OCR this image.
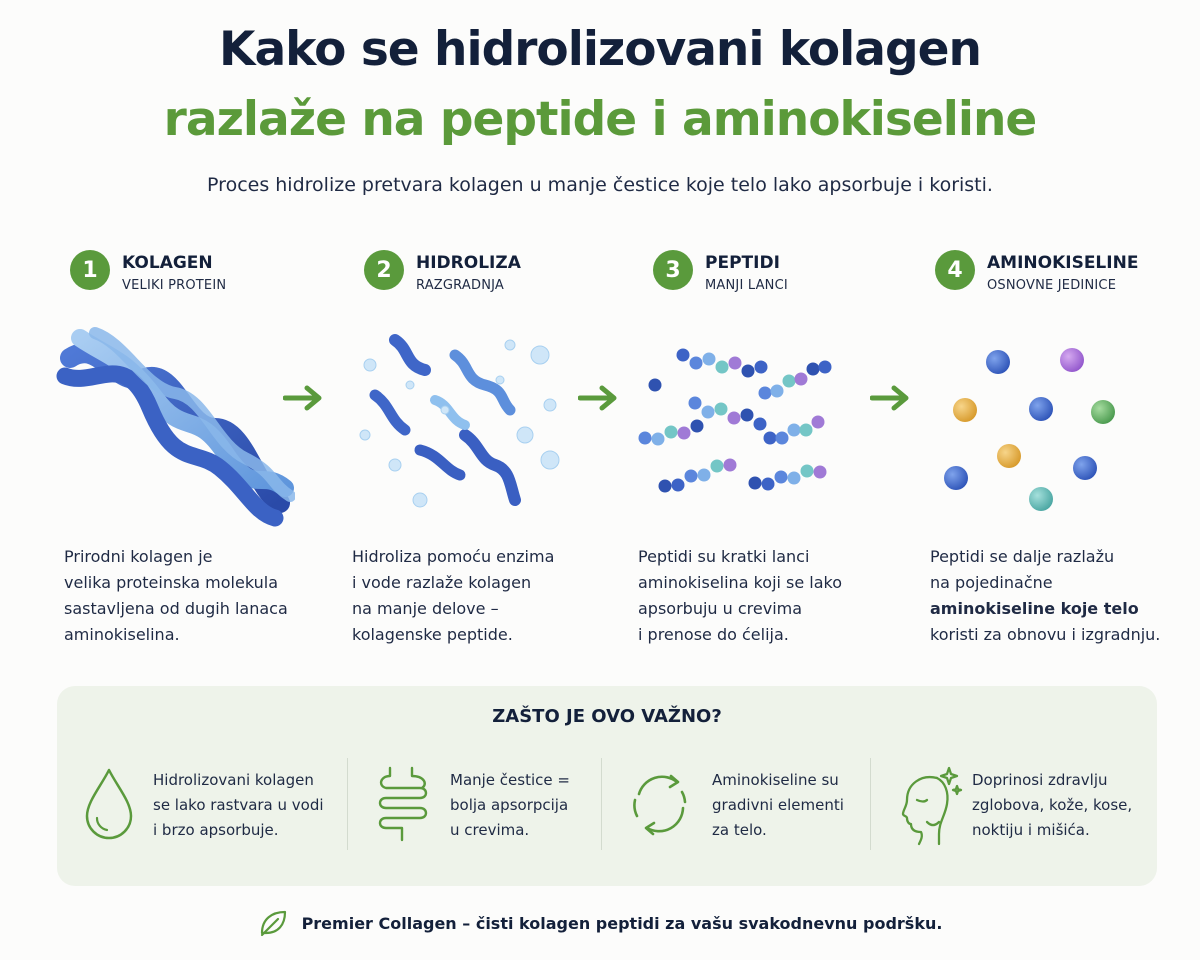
Kako se hidrolizovani kolagen
razlaže na peptide i aminokiseline
Proces hidrolize pretvara kolagen u manje čestice koje telo lako apsorbuje i koristi.
1	KOLAGEN
VELIKI PROTEIN
2	HIDROLIZA
RAZGRADNJA
3	PEPTIDI
MANJI LANCI
4	AMINOKISELINE
OSNOVNE JEDINICE
Prirodni kolagen je
velika proteinska molekula
sastavljena od dugih lanaca
aminokiselina.
Hidroliza pomoću enzima
i vode razlaže kolagen
na manje delove –
kolagenske peptide.
Peptidi su kratki lanci
aminokiselina koji se lako
apsorbuju u crevima
i prenose do ćelija.
Peptidi se dalje razlažu
na pojedinačne
aminokiseline koje telo
koristi za obnovu i izgradnju.
ZAŠTO JE OVO VAŽNO?
Hidrolizovani kolagen
se lako rastvara u vodi
i brzo apsorbuje.
Manje čestice =
bolja apsorpcija
u crevima.
Aminokiseline su
gradivni elementi
za telo.
Doprinosi zdravlju
zglobova, kože, kose,
noktiju i mišića.
Premier Collagen – čisti kolagen peptidi za vašu svakodnevnu podršku.
